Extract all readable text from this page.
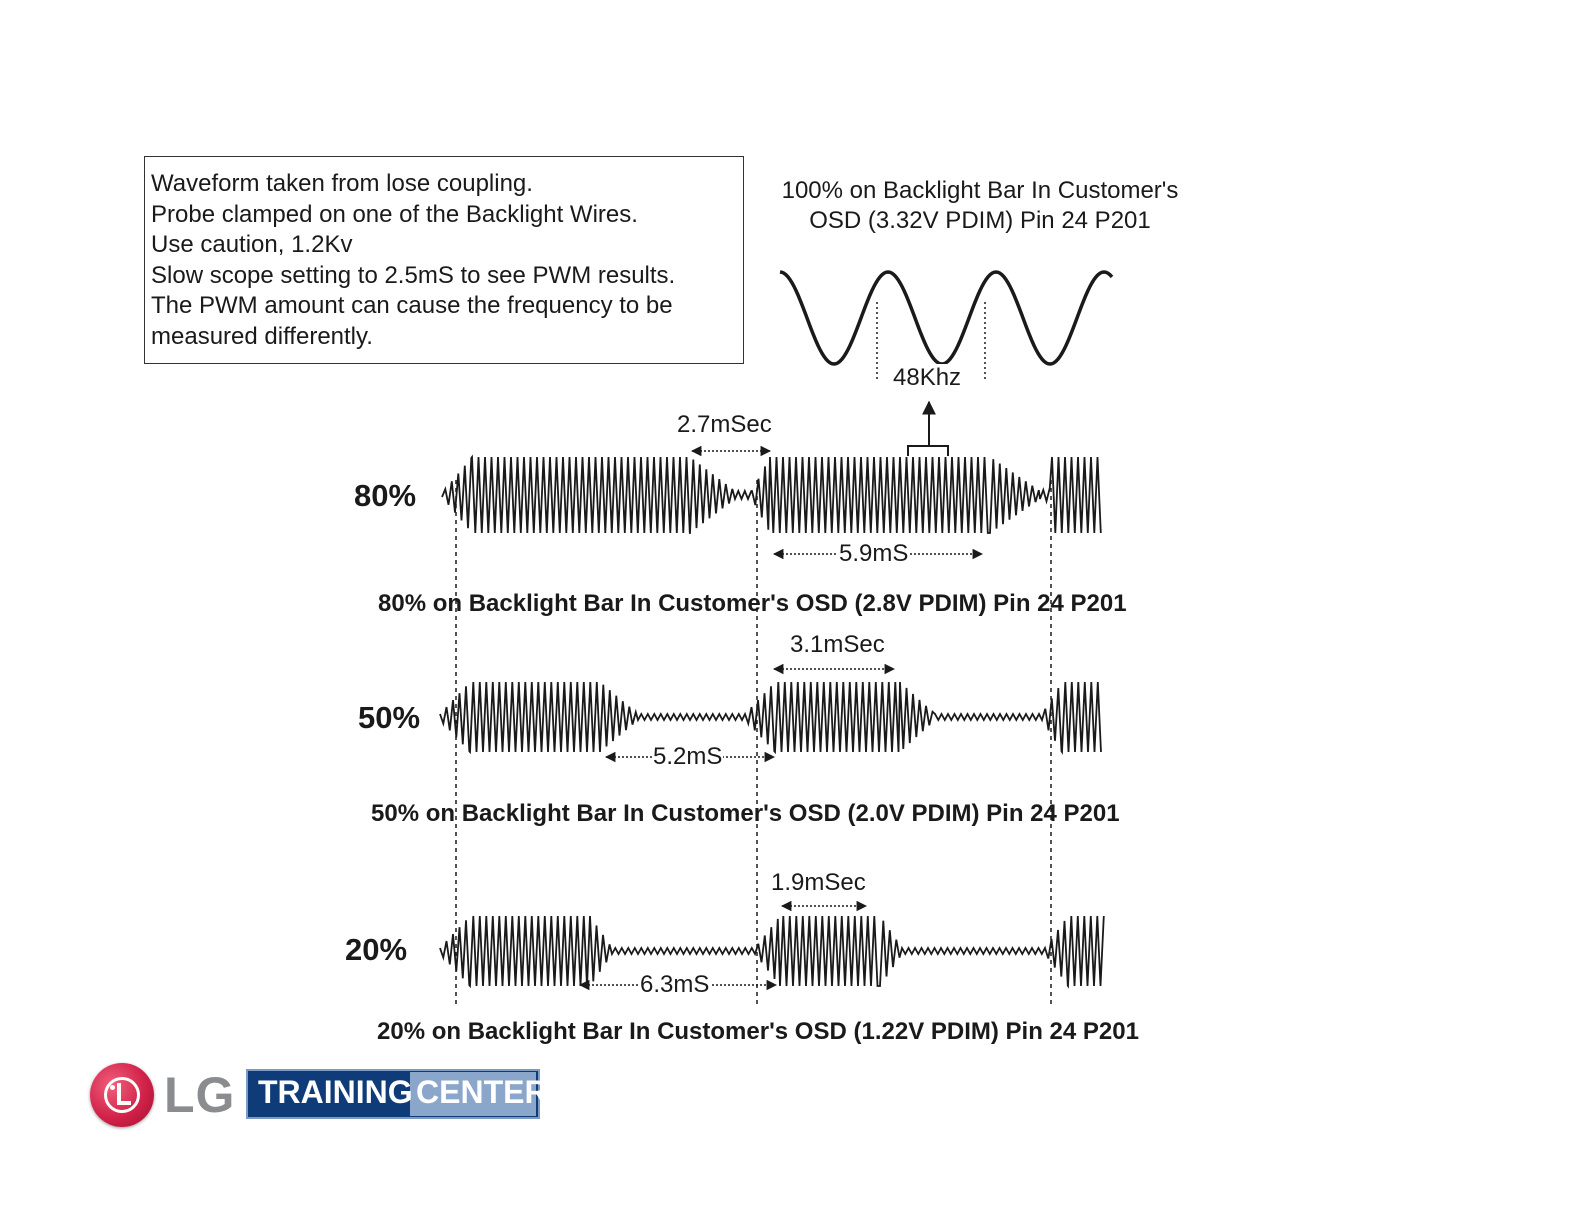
Waveform taken from lose coupling.
Probe clamped on one of the Backlight Wires.
Use caution, 1.2Kv
Slow scope setting to 2.5mS to see PWM results.
The PWM amount can cause the frequency to be
measured differently.
100% on Backlight Bar In Customer's
OSD (3.32V PDIM) Pin 24 P201
48Khz
80%
2.7mSec
5.9mS
80% on Backlight Bar In Customer's OSD (2.8V PDIM) Pin 24 P201
50%
3.1mSec
5.2mS
50% on Backlight Bar In Customer's OSD (2.0V PDIM) Pin 24 P201
20%
1.9mSec
6.3mS
20% on Backlight Bar In Customer's OSD (1.22V PDIM) Pin 24 P201
LG TRAINING CENTER
